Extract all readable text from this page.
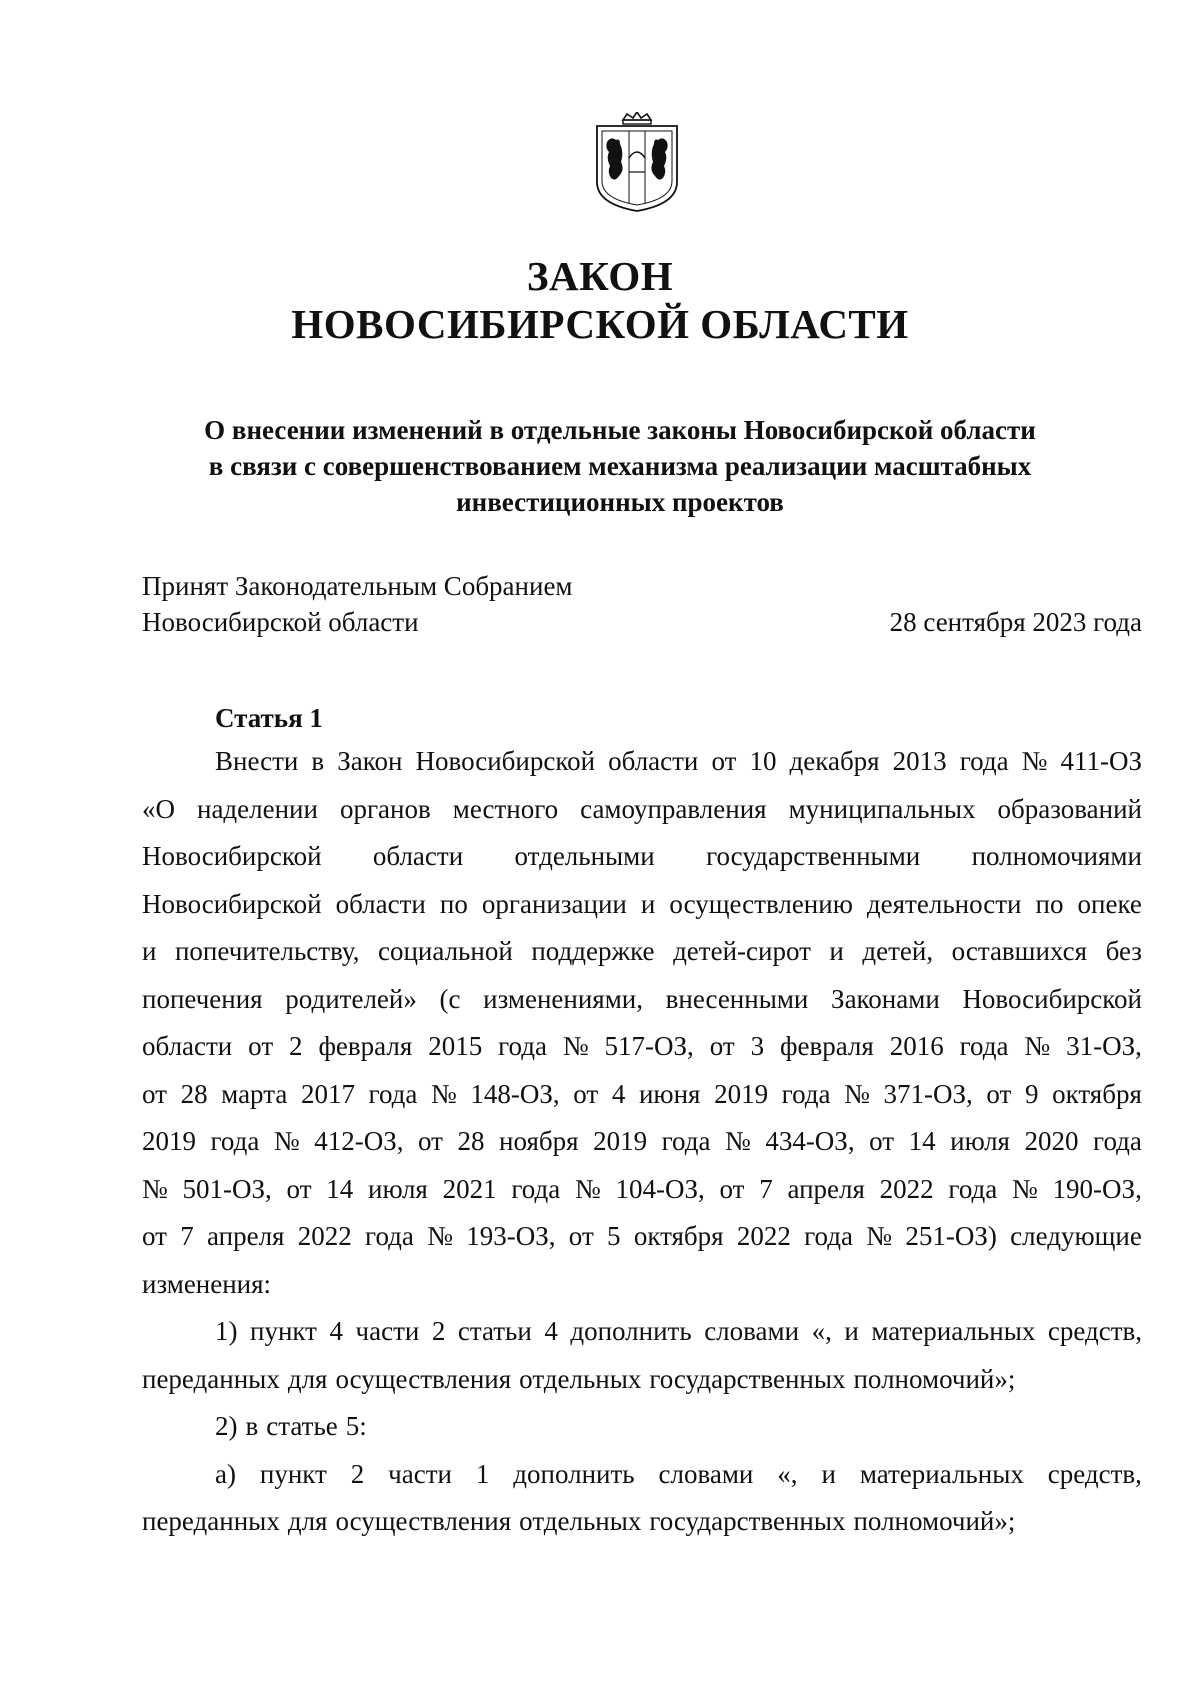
ЗАКОН
НОВОСИБИРСКОЙ ОБЛАСТИ
О внесении изменений в отдельные законы Новосибирской области
в связи с совершенствованием механизма реализации масштабных
инвестиционных проектов
Принят Законодательным Собранием
Новосибирской области	28 сентября 2023 года
Статья 1
Внести в Закон Новосибирской области от 10 декабря 2013 года № 411-ОЗ
«О наделении органов местного самоуправления муниципальных образований
Новосибирской области отдельными государственными полномочиями
Новосибирской области по организации и осуществлению деятельности по опеке
и попечительству, социальной поддержке детей-сирот и детей, оставшихся без
попечения родителей» (с изменениями, внесенными Законами Новосибирской
области от 2 февраля 2015 года № 517-ОЗ, от 3 февраля 2016 года № 31-ОЗ,
от 28 марта 2017 года № 148-ОЗ, от 4 июня 2019 года № 371-ОЗ, от 9 октября
2019 года № 412-ОЗ, от 28 ноября 2019 года № 434-ОЗ, от 14 июля 2020 года
№ 501-ОЗ, от 14 июля 2021 года № 104-ОЗ, от 7 апреля 2022 года № 190-ОЗ,
от 7 апреля 2022 года № 193-ОЗ, от 5 октября 2022 года № 251-ОЗ) следующие
изменения:
1) пункт 4 части 2 статьи 4 дополнить словами «, и материальных средств,
переданных для осуществления отдельных государственных полномочий»;
2) в статье 5:
а) пункт 2 части 1 дополнить словами «, и материальных средств,
переданных для осуществления отдельных государственных полномочий»;
